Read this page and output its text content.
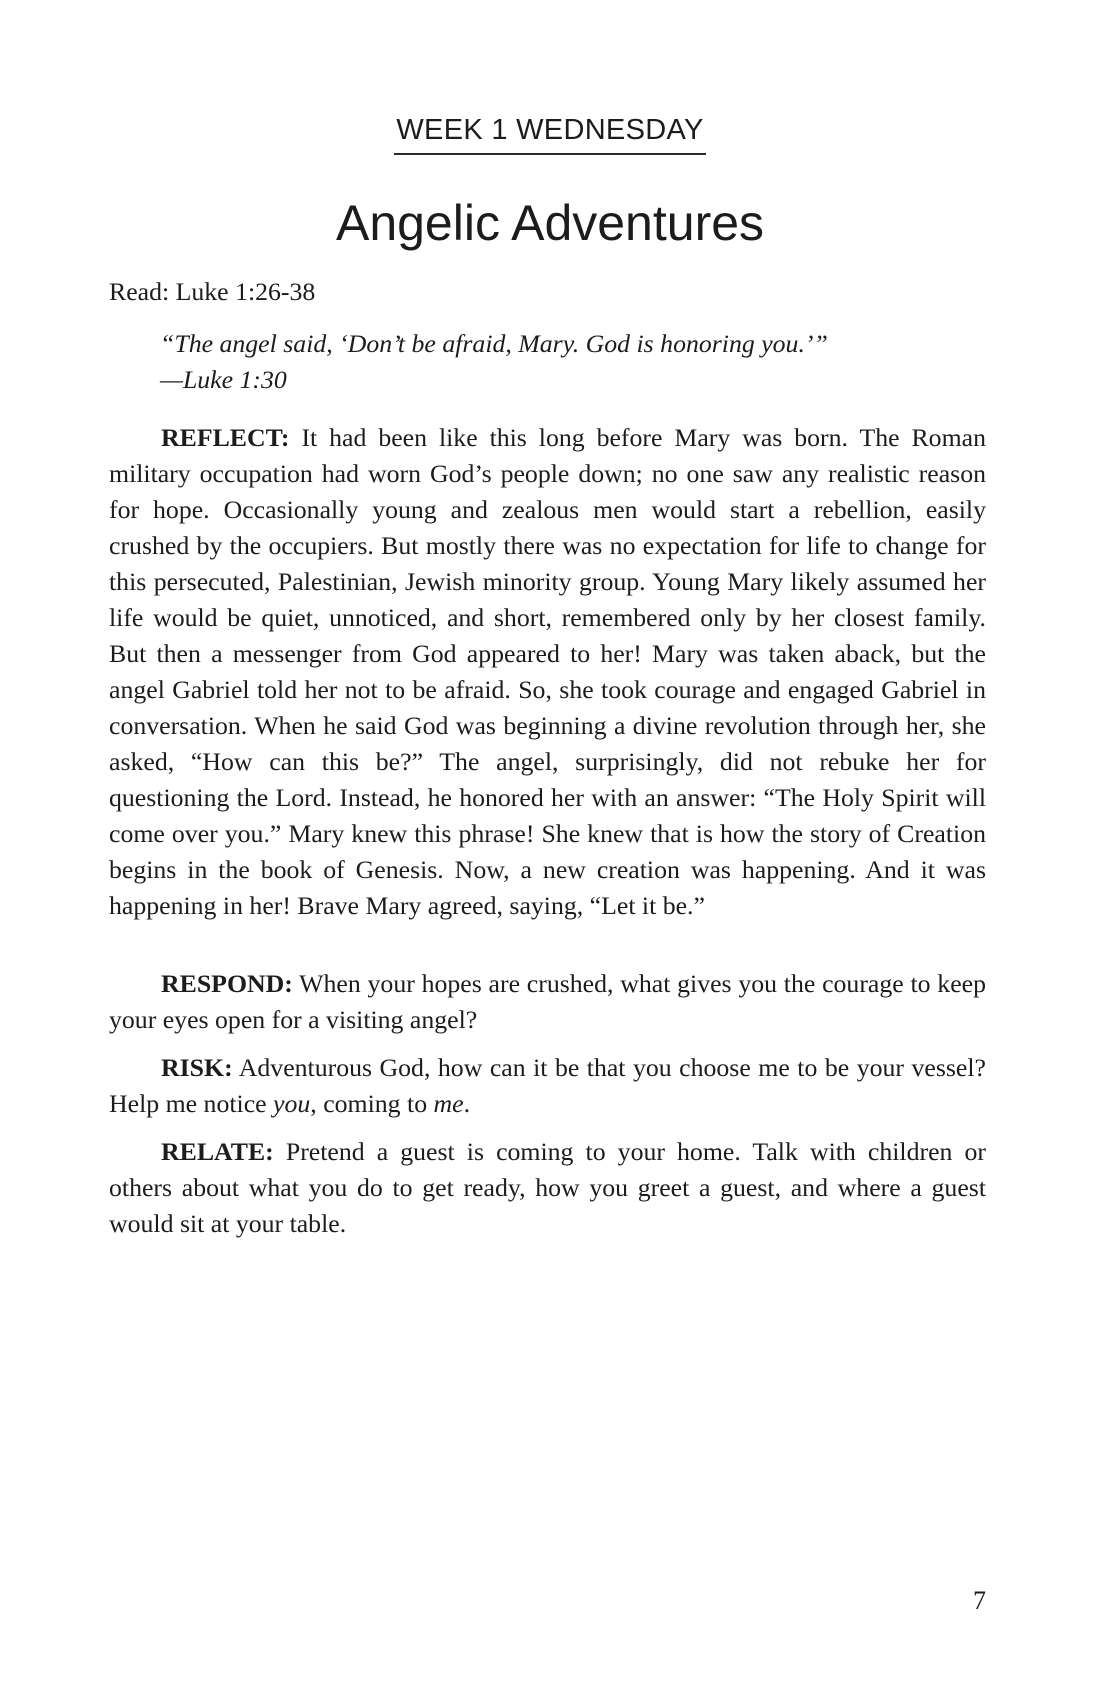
WEEK 1 WEDNESDAY
Angelic Adventures
Read: Luke 1:26-38
“The angel said, ‘Don’t be afraid, Mary. God is honoring you.’”
—Luke 1:30

REFLECT: It had been like this long before Mary was born. The Roman military occupation had worn God’s people down; no one saw any realistic reason for hope. Occasionally young and zealous men would start a rebellion, easily crushed by the occupiers. But mostly there was no expectation for life to change for this persecuted, Palestinian, Jewish minority group. Young Mary likely assumed her life would be quiet, unnoticed, and short, remembered only by her closest family. But then a messenger from God appeared to her! Mary was taken aback, but the angel Gabriel told her not to be afraid. So, she took courage and engaged Gabriel in conversation. When he said God was beginning a divine revolution through her, she asked, “How can this be?” The angel, surprisingly, did not rebuke her for questioning the Lord. Instead, he honored her with an answer: “The Holy Spirit will come over you.” Mary knew this phrase! She knew that is how the story of Creation begins in the book of Genesis. Now, a new creation was happening. And it was happening in her! Brave Mary agreed, saying, “Let it be.”

RESPOND: When your hopes are crushed, what gives you the courage to keep your eyes open for a visiting angel?

RISK: Adventurous God, how can it be that you choose me to be your vessel? Help me notice you, coming to me.

RELATE: Pretend a guest is coming to your home. Talk with children or others about what you do to get ready, how you greet a guest, and where a guest would sit at your table.

7
